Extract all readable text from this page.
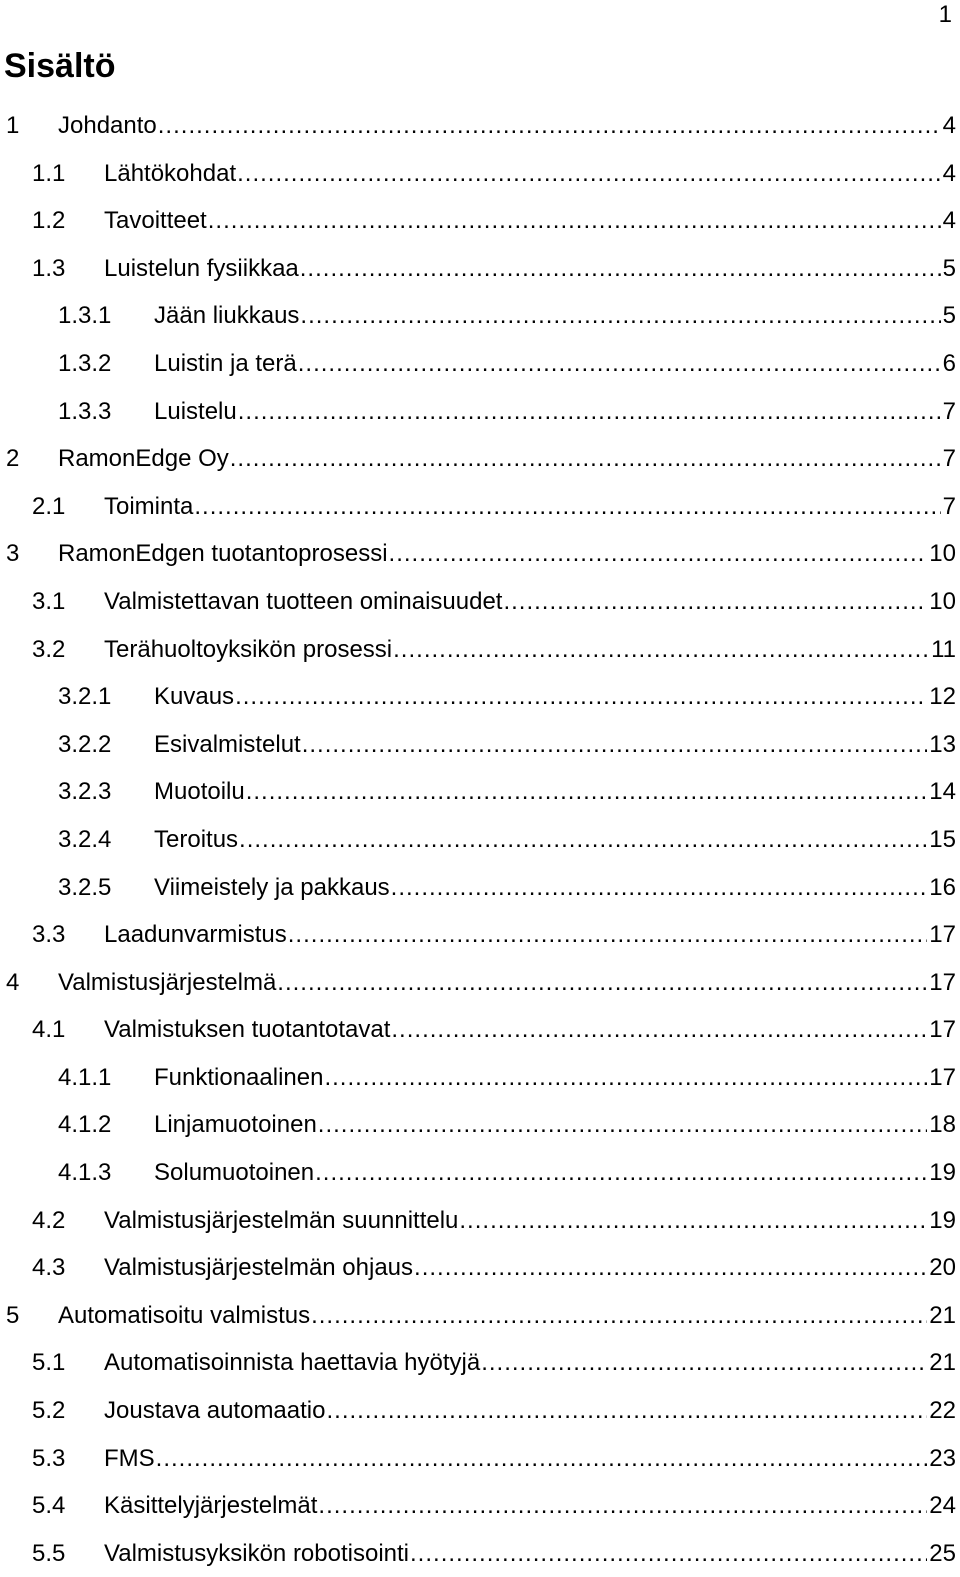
1
Sisältö
1 Johdanto .....	4
1.1 Lähtökohdat .....	4
1.2 Tavoitteet .....	4
1.3 Luistelun fysiikkaa .....	5
1.3.1 Jään liukkaus .....	5
1.3.2 Luistin ja terä .....	6
1.3.3 Luistelu .....	7
2 RamonEdge Oy .....	7
2.1 Toiminta .....	7
3 RamonEdgen tuotantoprosessi .....	10
3.1 Valmistettavan tuotteen ominaisuudet .....	10
3.2 Terähuoltoyksikön prosessi .....	11
3.2.1 Kuvaus .....	12
3.2.2 Esivalmistelut .....	13
3.2.3 Muotoilu .....	14
3.2.4 Teroitus .....	15
3.2.5 Viimeistely ja pakkaus .....	16
3.3 Laadunvarmistus .....	17
4 Valmistusjärjestelmä .....	17
4.1 Valmistuksen tuotantotavat .....	17
4.1.1 Funktionaalinen .....	17
4.1.2 Linjamuotoinen .....	18
4.1.3 Solumuotoinen .....	19
4.2 Valmistusjärjestelmän suunnittelu .....	19
4.3 Valmistusjärjestelmän ohjaus .....	20
5 Automatisoitu valmistus .....	21
5.1 Automatisoinnista haettavia hyötyjä .....	21
5.2 Joustava automaatio .....	22
5.3 FMS .....	23
5.4 Käsittelyjärjestelmät .....	24
5.5 Valmistusyksikön robotisointi .....	25
